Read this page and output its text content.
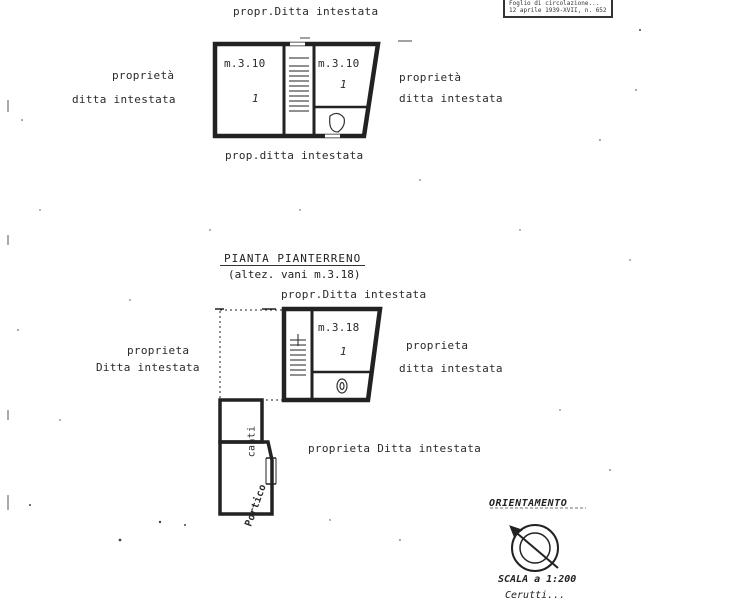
Foglio di circolazione... 12 aprile 1939-XVII, n. 652
propr.Ditta intestata
proprietà
ditta intestata
proprietà
ditta intestata
prop.ditta intestata
m.3.10	m.3.10
1
1
PIANTA PIANTERRENO
(altez. vani m.3.18)
propr.Ditta intestata
proprieta
Ditta intestata
proprieta
ditta intestata
proprieta Ditta intestata
m.3.18
1
canti
Portico	ORIENTAMENTO
SCALA a 1:200
Cerutti...
